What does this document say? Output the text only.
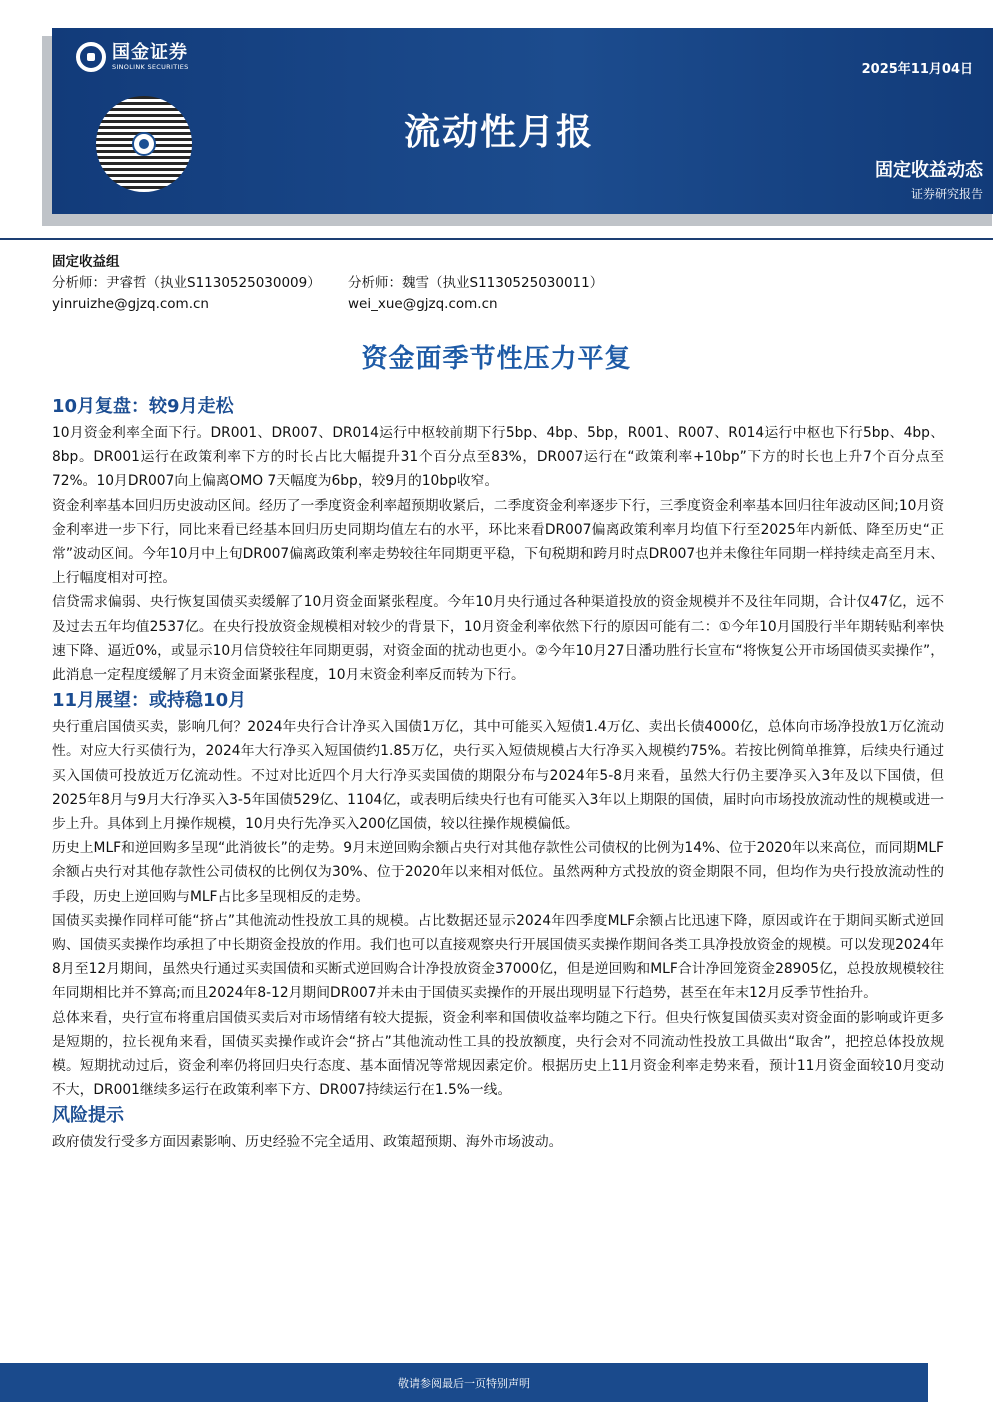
国金证券
SINOLINK SECURITIES	2025年11月04日
流动性月报
固定收益动态
证券研究报告
固定收益组
分析师：尹睿哲（执业S1130525030009）	分析师：魏雪（执业S1130525030011）
yinruizhe@gjzq.com.cn	wei_xue@gjzq.com.cn
资金面季节性压力平复
10月复盘：较9月走松

10月资金利率全面下行。DR001、DR007、DR014运行中枢较前期下行5bp、4bp、5bp，R001、R007、R014运行中枢也下行5bp、4bp、8bp。DR001运行在政策利率下方的时长占比大幅提升31个百分点至83%，DR007运行在“政策利率+10bp”下方的时长也上升7个百分点至72%。10月DR007向上偏离OMO 7天幅度为6bp，较9月的10bp收窄。

资金利率基本回归历史波动区间。经历了一季度资金利率超预期收紧后，二季度资金利率逐步下行，三季度资金利率基本回归往年波动区间;10月资金利率进一步下行，同比来看已经基本回归历史同期均值左右的水平，环比来看DR007偏离政策利率月均值下行至2025年内新低、降至历史“正常”波动区间。今年10月中上旬DR007偏离政策利率走势较往年同期更平稳，下旬税期和跨月时点DR007也并未像往年同期一样持续走高至月末、上行幅度相对可控。

信贷需求偏弱、央行恢复国债买卖缓解了10月资金面紧张程度。今年10月央行通过各种渠道投放的资金规模并不及往年同期，合计仅47亿，远不及过去五年均值2537亿。在央行投放资金规模相对较少的背景下，10月资金利率依然下行的原因可能有二：①今年10月国股行半年期转贴利率快速下降、逼近0%，或显示10月信贷较往年同期更弱，对资金面的扰动也更小。②今年10月27日潘功胜行长宣布“将恢复公开市场国债买卖操作”，此消息一定程度缓解了月末资金面紧张程度，10月末资金利率反而转为下行。

11月展望：或持稳10月

央行重启国债买卖，影响几何？2024年央行合计净买入国债1万亿，其中可能买入短债1.4万亿、卖出长债4000亿，总体向市场净投放1万亿流动性。对应大行买债行为，2024年大行净买入短国债约1.85万亿，央行买入短债规模占大行净买入规模约75%。若按比例简单推算，后续央行通过买入国债可投放近万亿流动性。不过对比近四个月大行净买卖国债的期限分布与2024年5-8月来看，虽然大行仍主要净买入3年及以下国债，但2025年8月与9月大行净买入3-5年国债529亿、1104亿，或表明后续央行也有可能买入3年以上期限的国债，届时向市场投放流动性的规模或进一步上升。具体到上月操作规模，10月央行先净买入200亿国债，较以往操作规模偏低。

历史上MLF和逆回购多呈现“此消彼长”的走势。9月末逆回购余额占央行对其他存款性公司债权的比例为14%、位于2020年以来高位，而同期MLF余额占央行对其他存款性公司债权的比例仅为30%、位于2020年以来相对低位。虽然两种方式投放的资金期限不同，但均作为央行投放流动性的手段，历史上逆回购与MLF占比多呈现相反的走势。

国债买卖操作同样可能“挤占”其他流动性投放工具的规模。占比数据还显示2024年四季度MLF余额占比迅速下降，原因或许在于期间买断式逆回购、国债买卖操作均承担了中长期资金投放的作用。我们也可以直接观察央行开展国债买卖操作期间各类工具净投放资金的规模。可以发现2024年8月至12月期间，虽然央行通过买卖国债和买断式逆回购合计净投放资金37000亿，但是逆回购和MLF合计净回笼资金28905亿，总投放规模较往年同期相比并不算高;而且2024年8-12月期间DR007并未由于国债买卖操作的开展出现明显下行趋势，甚至在年末12月反季节性抬升。

总体来看，央行宣布将重启国债买卖后对市场情绪有较大提振，资金利率和国债收益率均随之下行。但央行恢复国债买卖对资金面的影响或许更多是短期的，拉长视角来看，国债买卖操作或许会“挤占”其他流动性工具的投放额度，央行会对不同流动性投放工具做出“取舍”，把控总体投放规模。短期扰动过后，资金利率仍将回归央行态度、基本面情况等常规因素定价。根据历史上11月资金利率走势来看，预计11月资金面较10月变动不大，DR001继续多运行在政策利率下方、DR007持续运行在1.5%一线。

风险提示

政府债发行受多方面因素影响、历史经验不完全适用、政策超预期、海外市场波动。

敬请参阅最后一页特别声明
